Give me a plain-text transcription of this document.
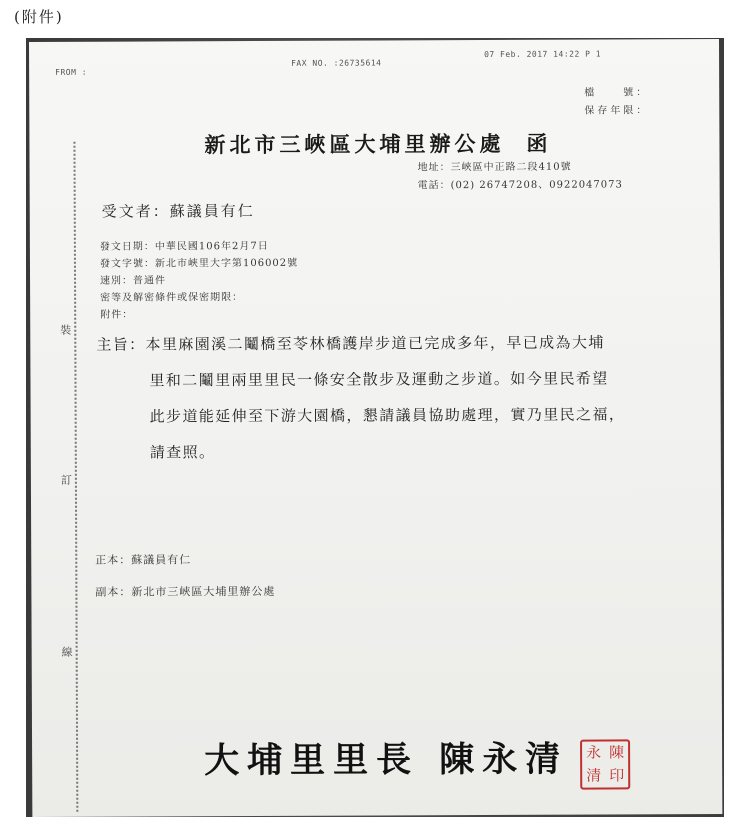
(附件)
FROM :
FAX NO. :26735614
07 Feb. 2017 14:22 P 1
檔　　號：
保存年限：
新北市三峽區大埔里辦公處 函
地址：三峽區中正路二段410號
電話：(02) 26747208、0922047073
受文者：蘇議員有仁
發文日期：中華民國106年2月7日
發文字號：新北市峽里大字第106002號
速別：普通件
密等及解密條件或保密期限：
附件：
主旨：本里麻園溪二鬮橋至苓林橋護岸步道已完成多年，早已成為大埔
里和二鬮里兩里里民一條安全散步及運動之步道。如今里民希望
此步道能延伸至下游大園橋，懇請議員協助處理，實乃里民之福，
請查照。
正本：蘇議員有仁
副本：新北市三峽區大埔里辦公處
裝
訂
線
大埔里里長 陳永清 永 陳
清 印
